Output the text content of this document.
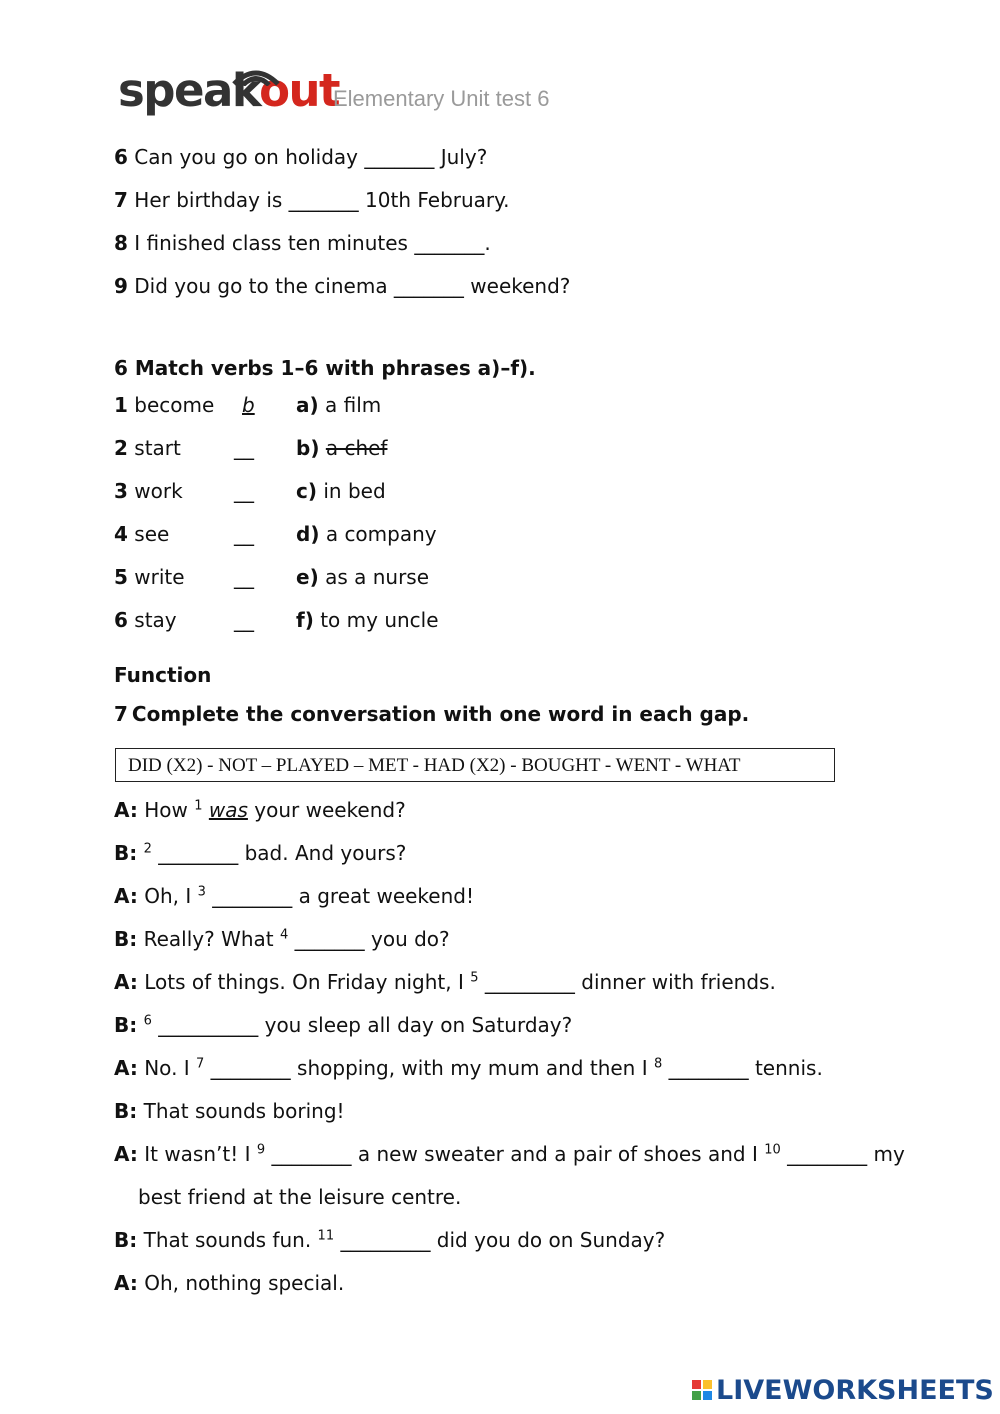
speakout
Elementary Unit test 6
6 Can you go on holiday _______ July?
7 Her birthday is _______ 10th February.
8 I finished class ten minutes _______.
9 Did you go to the cinema _______ weekend?
6 Match verbs 1–6 with phrases a)–f).
1 become	b	a) a film
2 start	__ b) a chef
3 work	__ c) in bed
4 see	__ d) a company
5 write __ e) as a nurse
6 stay	__ f) to my uncle
Function
7 Complete the conversation with one word in each gap.
DID (X2) - NOT – PLAYED – MET - HAD (X2) - BOUGHT - WENT - WHAT
A: How $^1$ was your weekend?
B: $^2$ ________ bad. And yours?
A: Oh, I $^3$ ________ a great weekend!
B: Really? What $^4$ _______ you do?
A: Lots of things. On Friday night, I $^5$ _________ dinner with friends.
B: $^6$ __________ you sleep all day on Saturday?
A: No. I $^7$ ________ shopping, with my mum and then I $^8$ ________ tennis.
B: That sounds boring!
A: It wasn’t! I $^9$ ________ a new sweater and a pair of shoes and I $^{10}$ ________ my
best friend at the leisure centre.
B: That sounds fun. $^{11}$ _________ did you do on Sunday?
A: Oh, nothing special.
LIVEWORKSHEETS
